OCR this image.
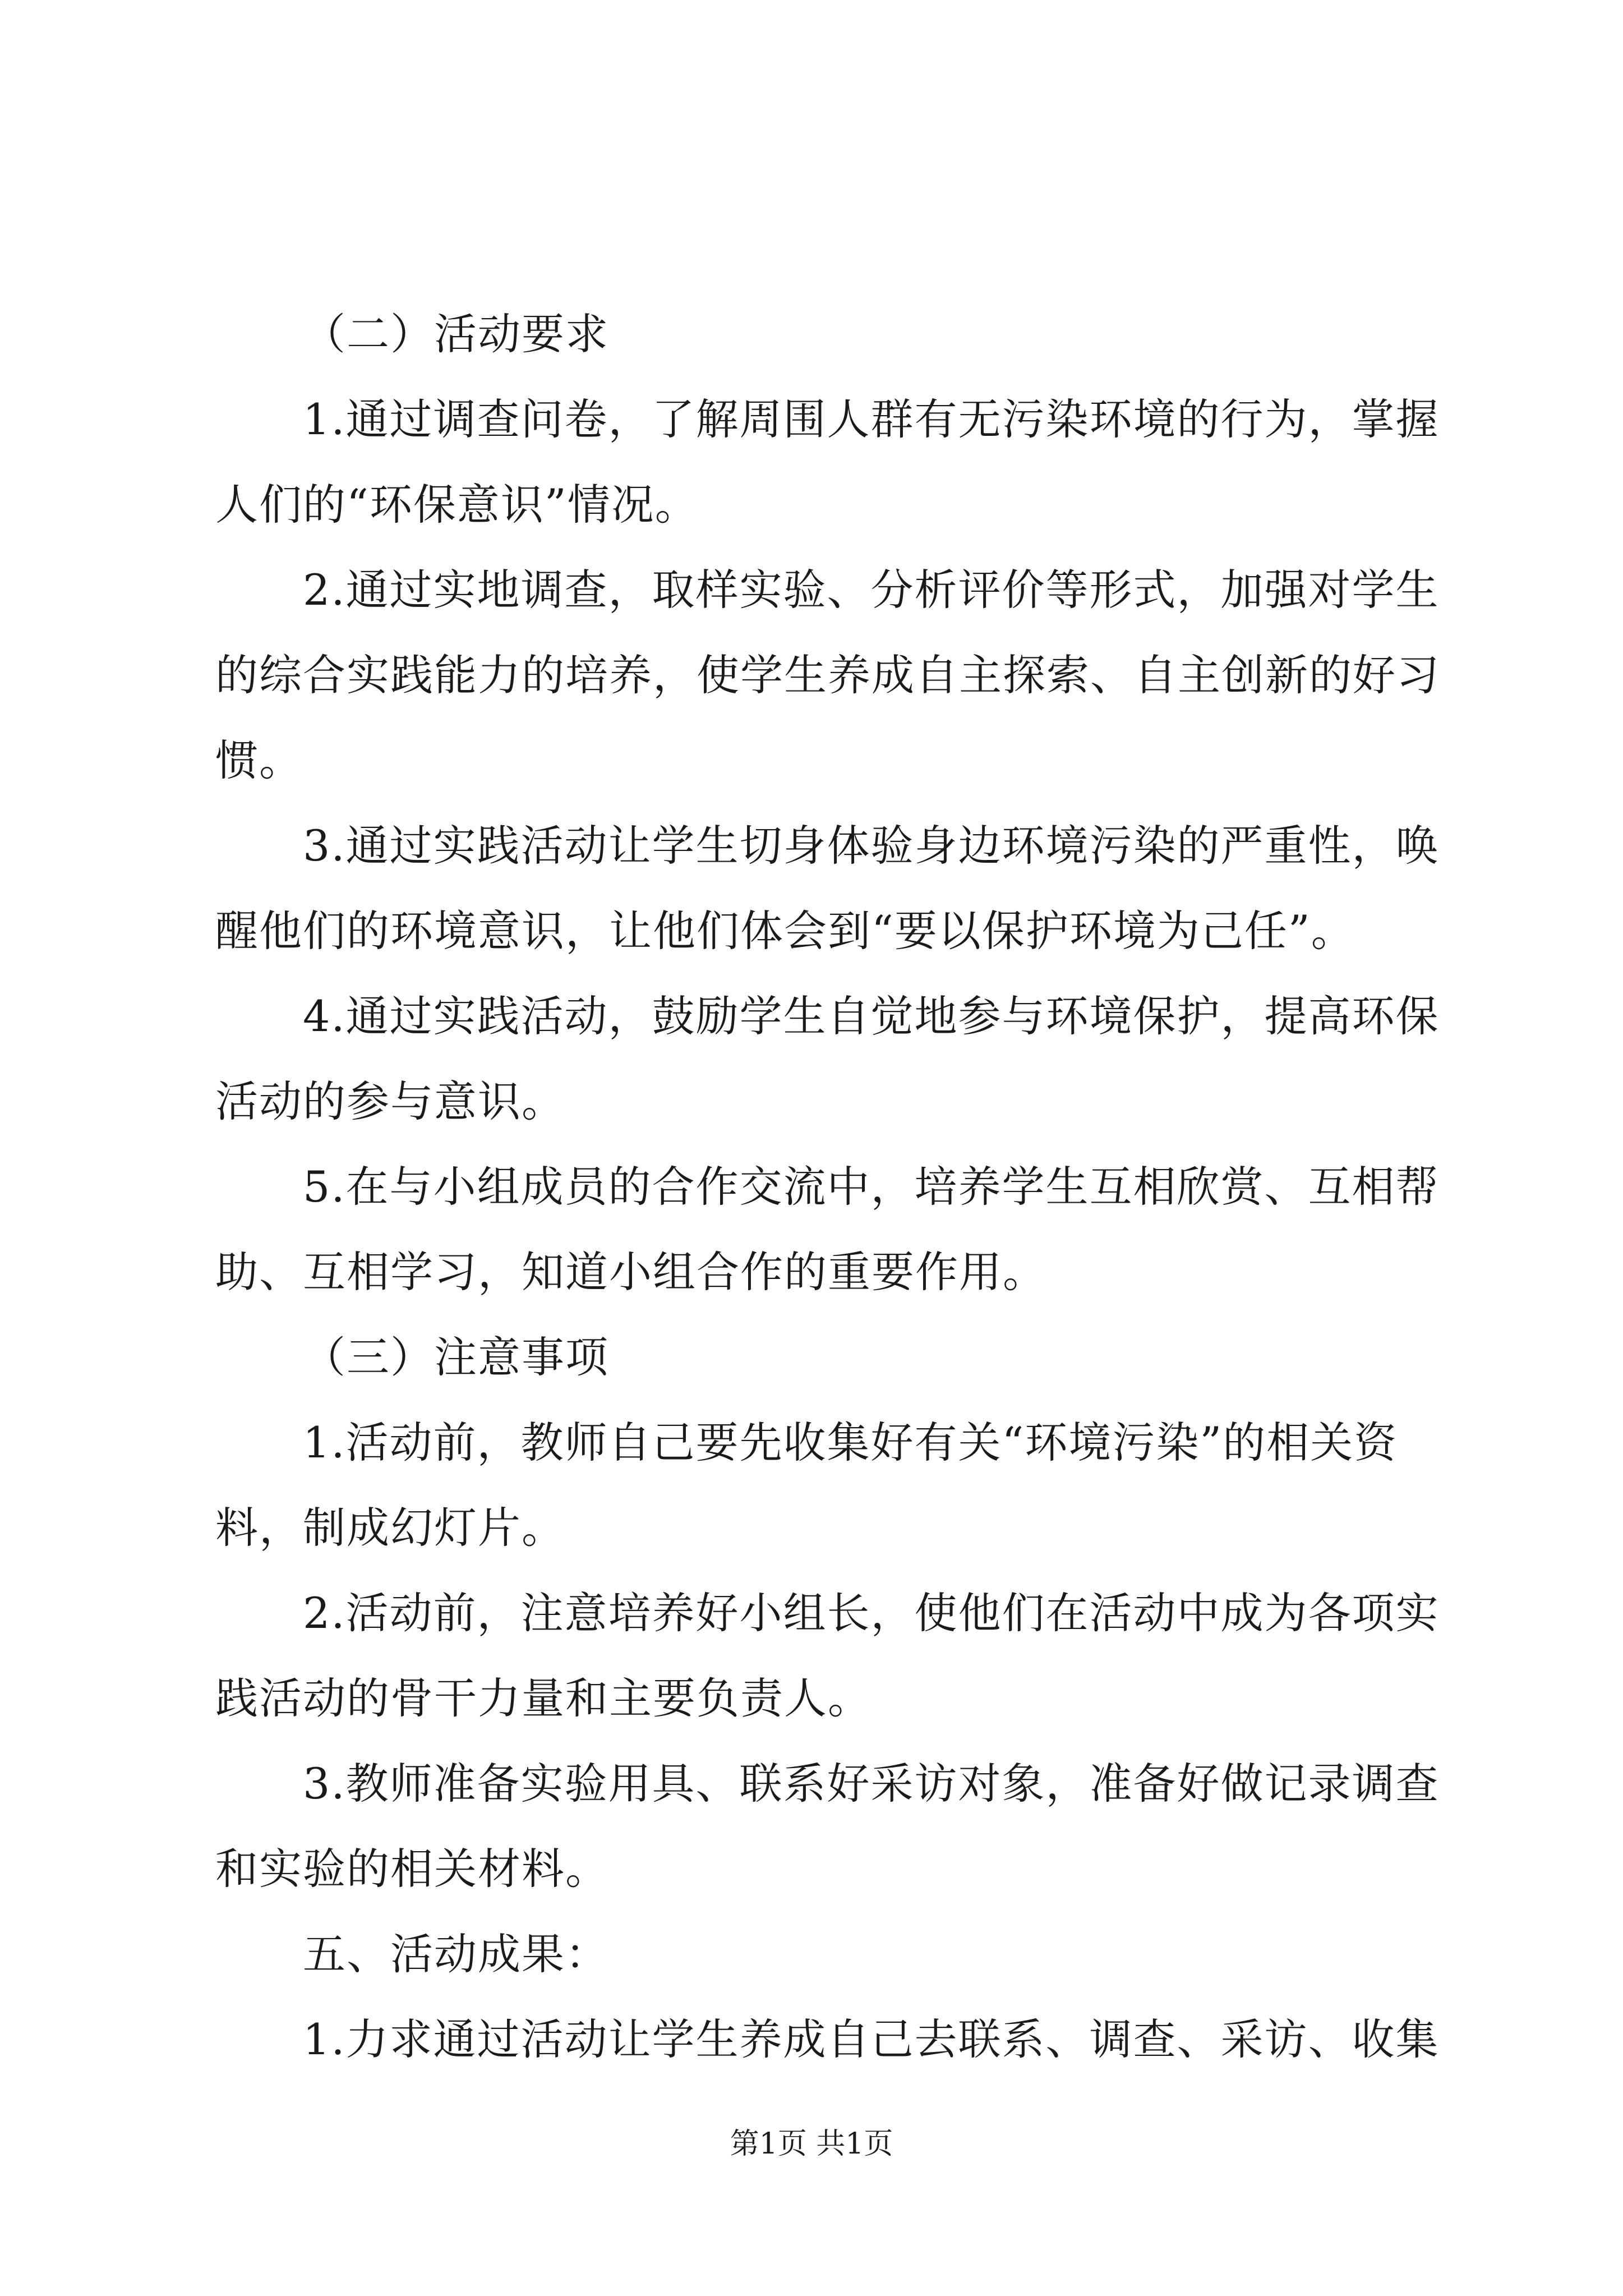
（二）活动要求
1.通过调查问卷，了解周围人群有无污染环境的行为，掌握
人们的“环保意识”情况。
2.通过实地调查，取样实验、分析评价等形式，加强对学生
的综合实践能力的培养，使学生养成自主探索、自主创新的好习
惯。
3.通过实践活动让学生切身体验身边环境污染的严重性，唤
醒他们的环境意识，让他们体会到“要以保护环境为己任”。
4.通过实践活动，鼓励学生自觉地参与环境保护，提高环保
活动的参与意识。
5.在与小组成员的合作交流中，培养学生互相欣赏、互相帮
助、互相学习，知道小组合作的重要作用。
（三）注意事项
1.活动前，教师自己要先收集好有关“环境污染”的相关资
料，制成幻灯片。
2.活动前，注意培养好小组长，使他们在活动中成为各项实
践活动的骨干力量和主要负责人。
3.教师准备实验用具、联系好采访对象，准备好做记录调查
和实验的相关材料。
五、活动成果：
1.力求通过活动让学生养成自己去联系、调查、采访、收集
第1页 共1页
